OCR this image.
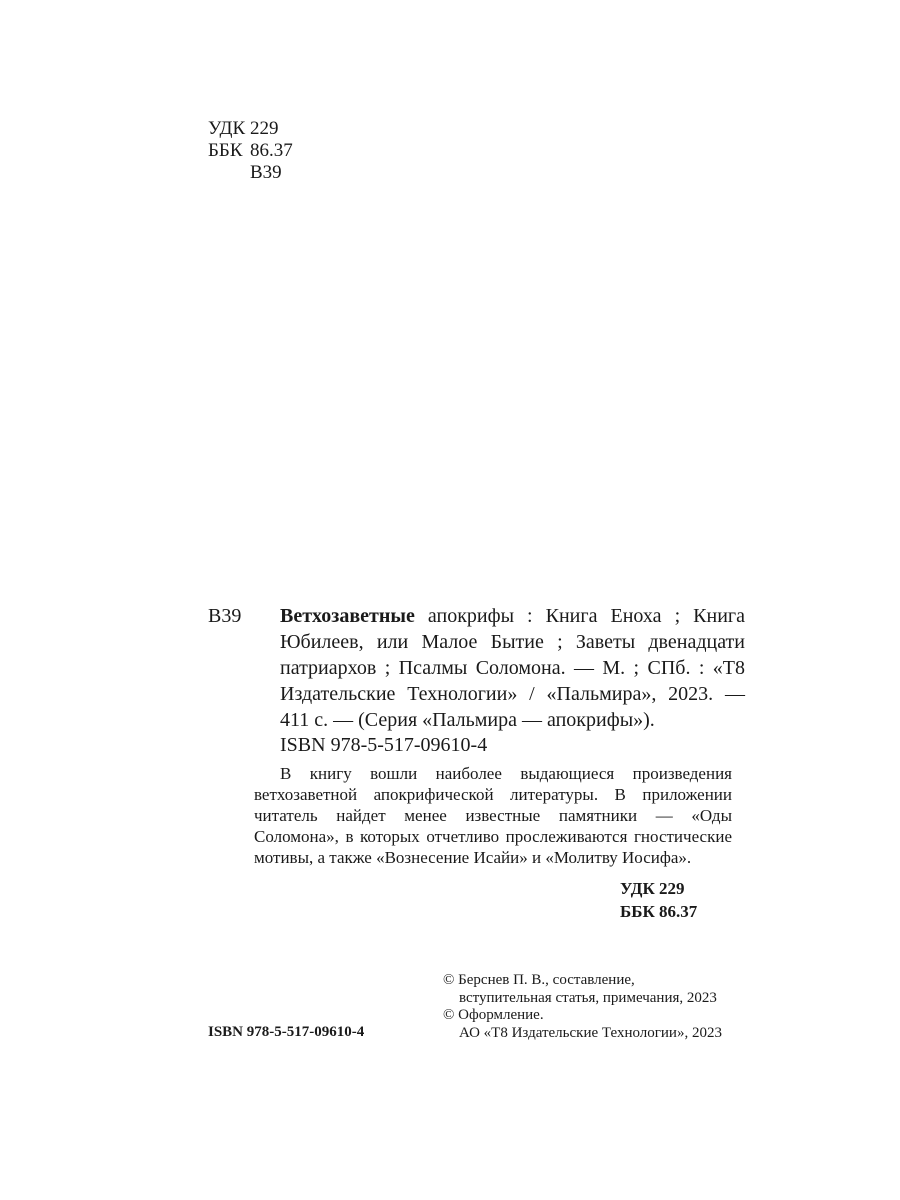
УДК 229
ББК 86.37
В39
В39 Ветхозаветные апокрифы : Книга Еноха ; Книга Юбилеев, или Малое Бытие ; Заветы двенадцати патриархов ; Псалмы Соломона. — М. ; СПб. : «Т8 Издательские Технологии» / «Пальмира», 2023. — 411 с. — (Серия «Пальмира — апокрифы»).
ISBN 978-5-517-09610-4
В книгу вошли наиболее выдающиеся произведения ветхозаветной апокрифической литературы. В приложении читатель найдет менее известные памятники — «Оды Соломона», в которых отчетливо прослеживаются гностические мотивы, а также «Вознесение Исайи» и «Молитву Иосифа».
УДК 229
ББК 86.37
© Берснев П. В., составление,
вступительная статья, примечания, 2023
© Оформление.
АО «Т8 Издательские Технологии», 2023
ISBN 978-5-517-09610-4
